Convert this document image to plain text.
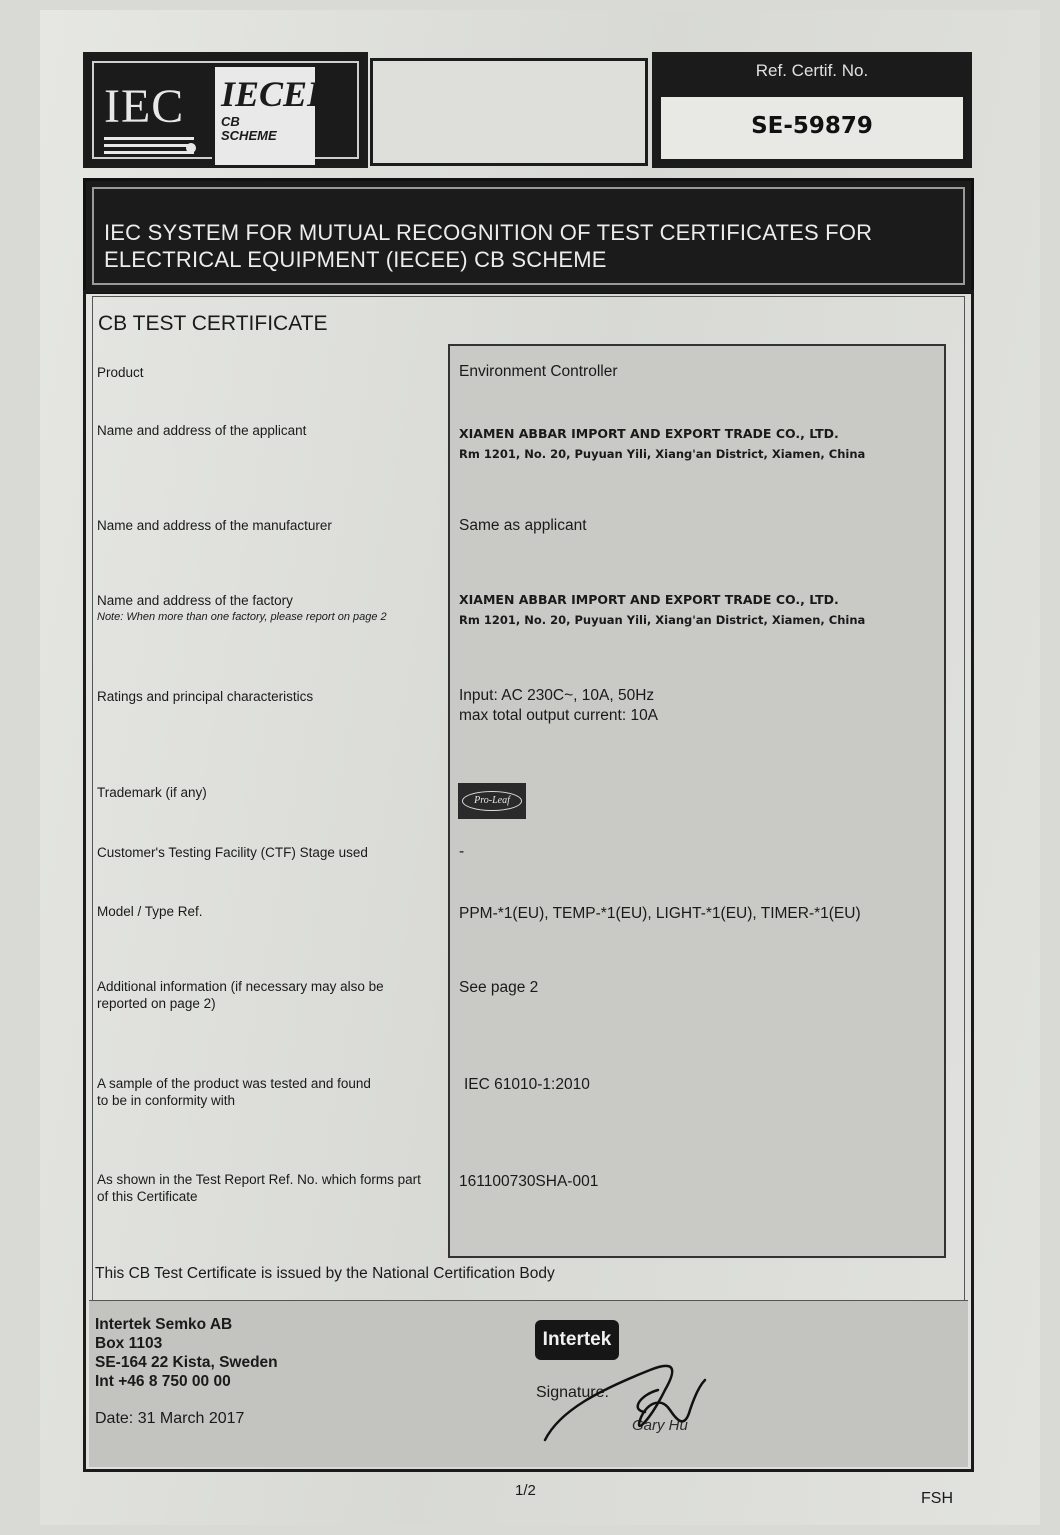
IEC IECEE
CB
SCHEME
Ref. Certif. No.
SE-59879
IEC SYSTEM FOR MUTUAL RECOGNITION OF TEST CERTIFICATES FOR
ELECTRICAL EQUIPMENT (IECEE) CB SCHEME
CB TEST CERTIFICATE
Product
Name and address of the applicant
Name and address of the manufacturer
Name and address of the factory
Note: When more than one factory, please report on page 2
Ratings and principal characteristics
Trademark (if any)
Customer's Testing Facility (CTF) Stage used
Model / Type Ref.
Additional information (if necessary may also be
reported on page 2)
A sample of the product was tested and found
to be in conformity with
As shown in the Test Report Ref. No. which forms part
of this Certificate
Environment Controller
XIAMEN ABBAR IMPORT AND EXPORT TRADE CO., LTD.
Rm 1201, No. 20, Puyuan Yili, Xiang'an District, Xiamen, China
Same as applicant
XIAMEN ABBAR IMPORT AND EXPORT TRADE CO., LTD.
Rm 1201, No. 20, Puyuan Yili, Xiang'an District, Xiamen, China
Input: AC 230C~, 10A, 50Hz
max total output current: 10A
Pro-Leaf
-
PPM-*1(EU), TEMP-*1(EU), LIGHT-*1(EU), TIMER-*1(EU)
See page 2
IEC 61010-1:2010
161100730SHA-001
This CB Test Certificate is issued by the National Certification Body
Intertek Semko AB
Box 1103
SE-164 22 Kista, Sweden
Int +46 8 750 00 00
Date: 31 March 2017
Intertek
Signature:
Gary Hu
1/2	FSH
